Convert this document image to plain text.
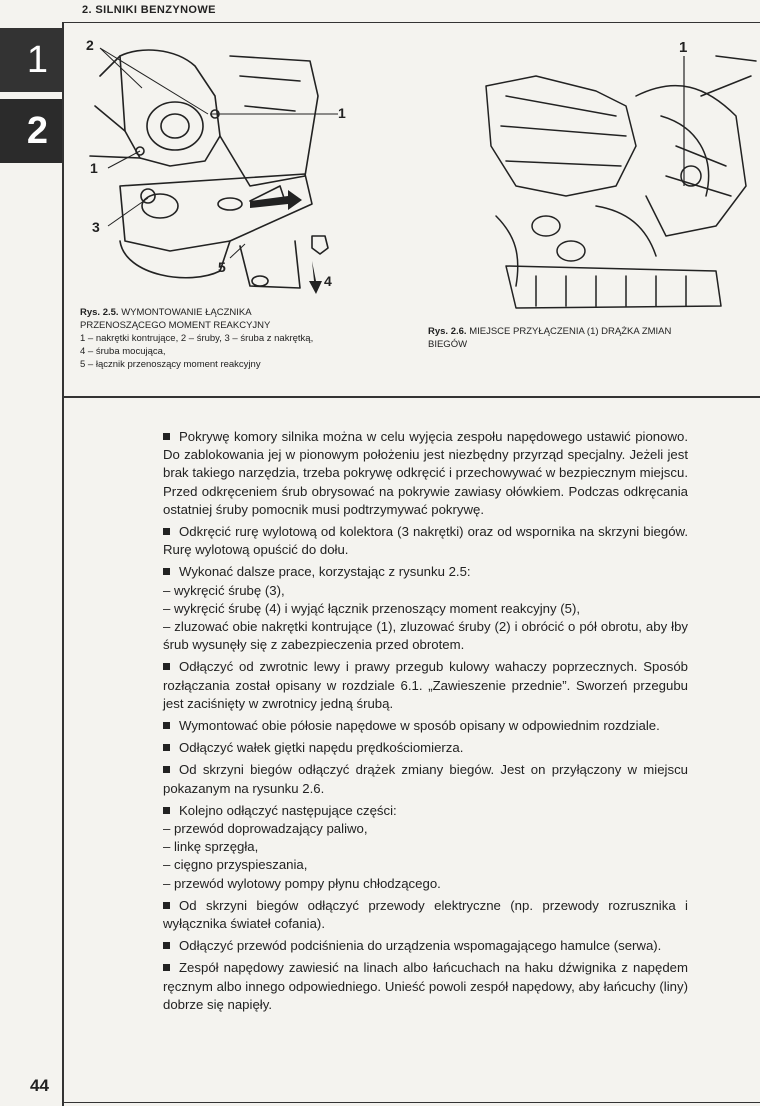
2. SILNIKI BENZYNOWE
1
2
2
1
1
3
5
4
1
Rys. 2.5. WYMONTOWANIE ŁĄCZNIKA
PRZENOSZĄCEGO MOMENT REAKCYJNY
1 – nakrętki kontrujące, 2 – śruby, 3 – śruba z nakrętką,
4 – śruba mocująca,
5 – łącznik przenoszący moment reakcyjny
Rys. 2.6. MIEJSCE PRZYŁĄCZENIA (1) DRĄŻKA ZMIAN
BIEGÓW

Pokrywę komory silnika można w celu wyjęcia zespołu napędowego ustawić pionowo. Do zablokowania jej w pionowym położeniu jest niezbędny przyrząd specjalny. Jeżeli jest brak takiego narzędzia, trzeba pokrywę odkręcić i przechowywać w bezpiecznym miejscu. Przed odkręceniem śrub obrysować na pokrywie zawiasy ołówkiem. Podczas odkręcania ostatniej śruby pomocnik musi podtrzymywać pokrywę.

Odkręcić rurę wylotową od kolektora (3 nakrętki) oraz od wspornika na skrzyni biegów. Rurę wylotową opuścić do dołu.

Wykonać dalsze prace, korzystając z rysunku 2.5:
– wykręcić śrubę (3),
– wykręcić śrubę (4) i wyjąć łącznik przenoszący moment reakcyjny (5),
– zluzować obie nakrętki kontrujące (1), zluzować śruby (2) i obrócić o pół obrotu, aby łby śrub wysunęły się z zabezpieczenia przed obrotem.

Odłączyć od zwrotnic lewy i prawy przegub kulowy wahaczy poprzecznych. Sposób rozłączania został opisany w rozdziale 6.1. „Zawieszenie przednie”. Sworzeń przegubu jest zaciśnięty w zwrotnicy jedną śrubą.

Wymontować obie półosie napędowe w sposób opisany w odpowiednim rozdziale.

Odłączyć wałek giętki napędu prędkościomierza.

Od skrzyni biegów odłączyć drążek zmiany biegów. Jest on przyłączony w miejscu pokazanym na rysunku 2.6.

Kolejno odłączyć następujące części:
– przewód doprowadzający paliwo,
– linkę sprzęgła,
– cięgno przyspieszania,
– przewód wylotowy pompy płynu chłodzącego.

Od skrzyni biegów odłączyć przewody elektryczne (np. przewody rozrusznika i wyłącznika świateł cofania).

Odłączyć przewód podciśnienia do urządzenia wspomagającego hamulce (serwa).

Zespół napędowy zawiesić na linach albo łańcuchach na haku dźwignika z napędem ręcznym albo innego odpowiedniego. Unieść powoli zespół napędowy, aby łańcuchy (liny) dobrze się napięły.

44
